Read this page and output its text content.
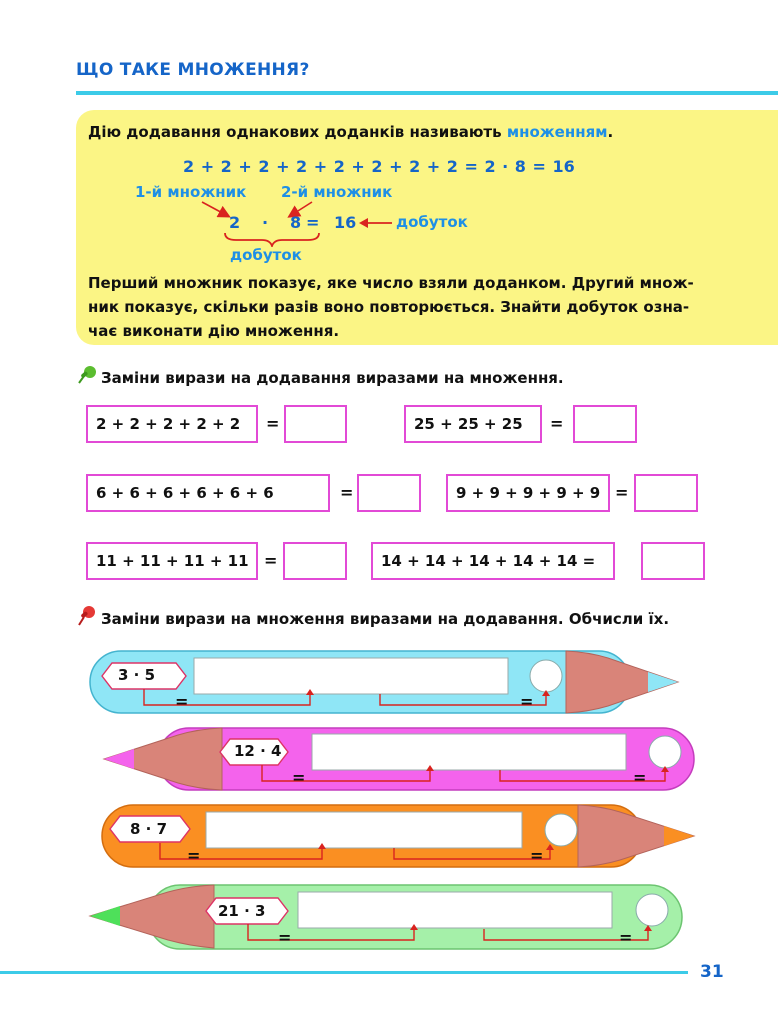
ЩО ТАКЕ МНОЖЕННЯ?
Дію додавання однакових доданків називають множенням.
2 + 2 + 2 + 2 + 2 + 2 + 2 + 2 = 2 · 8 = 16
1-й множник 2-й множник
2 · 8 = 16	добуток
добуток
Перший множник показує, яке число взяли доданком. Другий множ-
ник показує, скільки разів воно повторюється. Знайти добуток озна-
чає виконати дію множення.
Заміни вирази на додавання виразами на множення.
2 + 2 + 2 + 2 + 2	=	25 + 25 + 25	=
6 + 6 + 6 + 6 + 6 + 6	=	9 + 9 + 9 + 9 + 9 =
11 + 11 + 11 + 11 =	14 + 14 + 14 + 14 + 14 =
Заміни вирази на множення виразами на додавання. Обчисли їх.
3 · 5
=	=
12 · 4
=	=
8 · 7
=	=
21 · 3
=	=
31
